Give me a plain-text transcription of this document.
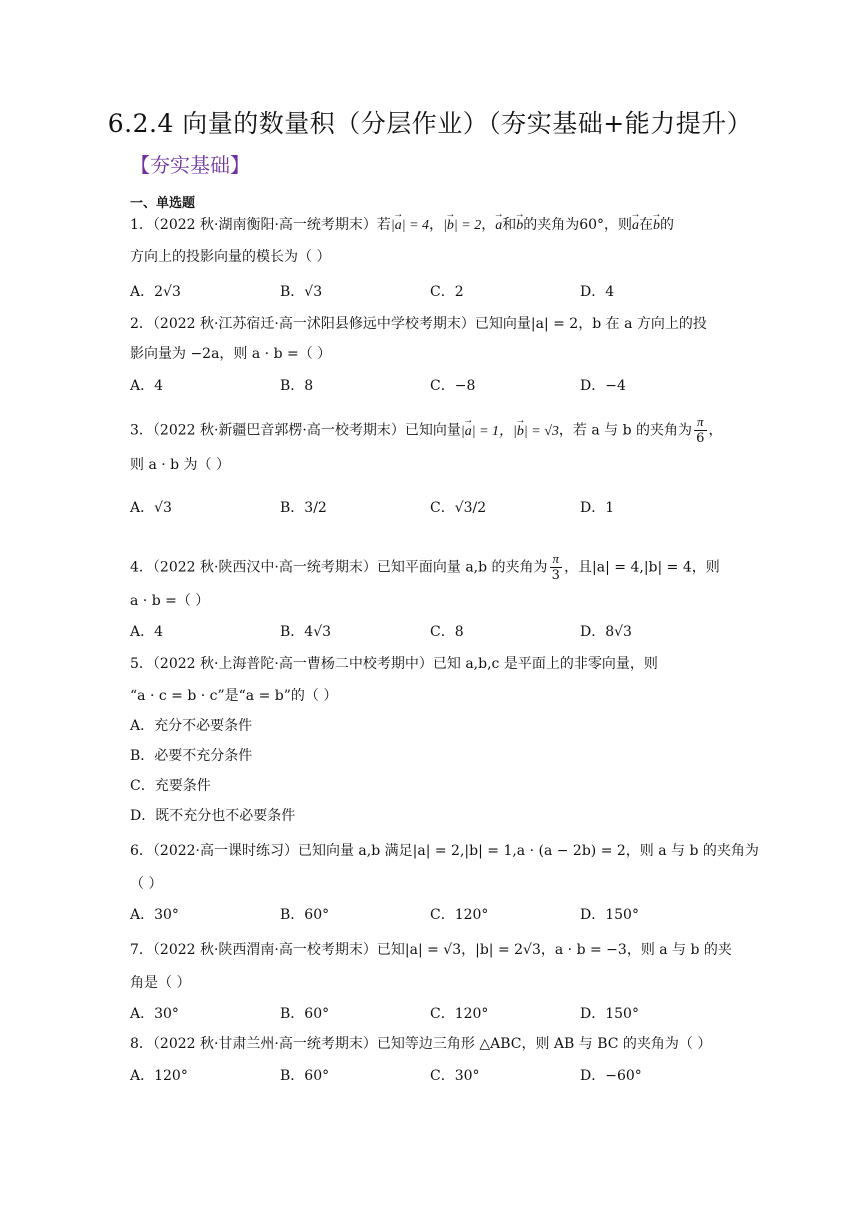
6.2.4 向量的数量积（分层作业）（夯实基础+能力提升）
【夯实基础】
一、单选题
1．（2022 秋·湖南衡阳·高一统考期末）若|→ a| = 4，|→ b| = 2，→ a和→ b的夹角为60°，则→ a在→ b的
方向上的投影向量的模长为（ ）
A．2√3	B．√3	C．2	D．4
2．（2022 秋·江苏宿迁·高一沭阳县修远中学校考期末）已知向量|a| = 2，b 在 a 方向上的投
影向量为 −2a，则 a · b =（ ）
A．4	B．8	C．−8	D．−4
3．（2022 秋·新疆巴音郭楞·高一校考期末）已知向量|→ a| = 1，|→ b| = √3，若 a 与 b 的夹角为 $\frac{\pi}{6}$ ，
则 a · b 为（ ）
A．√3	B．3/2	C．√3/2	D．1
4．（2022 秋·陕西汉中·高一统考期末）已知平面向量 a,b 的夹角为 $\frac{\pi}{3}$ ，且|a| = 4,|b| = 4，则
a · b =（ ）
A．4	B．4√3	C．8	D．8√3
5．（2022 秋·上海普陀·高一曹杨二中校考期中）已知 a,b,c 是平面上的非零向量，则
“a · c = b · c”是“a = b”的（ ）
A．充分不必要条件
B．必要不充分条件
C．充要条件
D．既不充分也不必要条件
6．（2022·高一课时练习）已知向量 a,b 满足|a| = 2,|b| = 1,a · (a − 2b) = 2，则 a 与 b 的夹角为
（ ）
A．30°	B．60°	C．120°	D．150°
7．（2022 秋·陕西渭南·高一校考期末）已知|a| = √3，|b| = 2√3，a · b = −3，则 a 与 b 的夹
角是（ ）
A．30°	B．60°	C．120°	D．150°
8．（2022 秋·甘肃兰州·高一统考期末）已知等边三角形 △ABC，则 AB 与 BC 的夹角为（ ）
A．120°	B．60°	C．30°	D．−60°
